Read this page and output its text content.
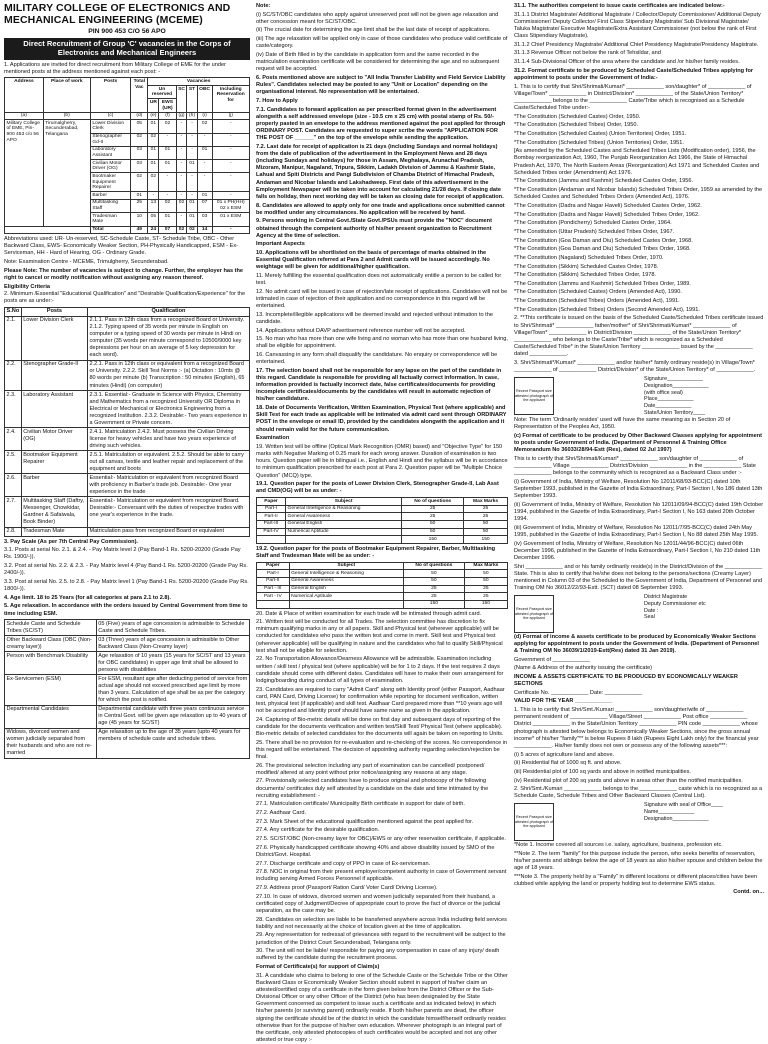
MILITARY COLLEGE OF ELECTRONICS AND MECHANICAL ENGINEERING (MCEME)
PIN 900 453 C/O 56 APO
Direct Recruitment of Group 'C' vacancies in the Corps of Electronics and Mechanical Engineers

1. Applications are invited for direct recruitment from Military College of EME for the under mentioned posts at the address mentioned against each post: -

Address	Place of work	Posts	Total Vac	Vacancies					
				Un reserved		SC	ST	OBC	Including Reservation for
				UR	EWS (UR)				
(a)	(b)	(c)	(d)	(e)	(f)	(g)	(h)	(i)	(j)
Military College of EME, Pin-900 453 c/o 56 APO	Tirumalgherry, Secunderabad, Telangana	Lower Division Clerk	05	01	02	-	-	02	-
		Stenographer Gd-II	02	02	-	-	-	-	-
		Laboratory Assistant	03	01	01	-	-	01	-
		Civilian Motor Driver (OG)	03	01	01	-	01	-	-
		Bootmaker Equipment Repairer	02	02	-	-	-	-	-
		Barber	01	-	-	-	-	01	-
		Multitasking Staff	25	13	02	02	01	07	01 x PH(HH) 02 x ESM
		Tradesman Mate	10	05	01	-	01	03	01 x ESM
		Total	49	24	07	02	02	14	-

Abbreviations used: UR- Un-reserved, SC-Schedule Caste, ST- Schedule Tribe, OBC - Other Backward Class, EWS- Economically Weaker Section, PH-Physically Handicapped, ESM - Ex-Serviceman, HH - Hard of Hearing, OG - Ordinary Grade.

Note: Examination Centre - MCEME, Trimulgherry, Secunderabad.

Please Note: The number of vacancies is subject to change. Further, the employer has the right to cancel or modify notification without assigning any reason thereof.

Eligibility Criteria

2. Minimum /Essential "Educational Qualification" and "Desirable Qualification/Experience" for the posts are as under:-

S.No	Posts	Qualification
2.1.	Lower Division Clerk	2.1.1. Pass in 12th class from a recognized Board or University. 2.1.2. Typing speed of 35 words per minute in English on computer or a typing speed of 30 words per minute in Hindi on computer (35 words per minute correspond to 10500/9000 key depressions per hour on an average of 5 key depression for each word).
2.2.	Stenographer Grade-II	2.2.1. Pass in 12th class or equivalent from a recognized Board or University. 2.2.2. Skill Test Norms :- (a) Dictation : 10mts @ 80 words per minute (b) Transcription : 50 minutes (English), 65 minutes (Hindi) (on computer)
2.3.	Laboratory Assistant	2.3.1. Essential:- Graduate in Science with Physics, Chemistry and Mathematics from a recognized University OR Diploma in Electrical or Mechanical or Electronics Engineering from a recognized Institution. 2.3.2. Desirable:- Two years experience in a Government or Private concern.
2.4.	Civilian Motor Driver (OG)	2.4.1. Matriculation 2.4.2. Must possess the Civilian Driving license for heavy vehicles and have two years experience of driving such vehicles.
2.5.	Bootmaker Equipment Repairer	2.5.1. Matriculation or equivalent. 2.5.2. Should be able to carry out all canvas, textile and leather repair and replacement of the equipment and boots
2.6.	Barber	Essential:- Matriculation or equivalent from recognized Board with proficiency in Barber's trade job. Desirable:- One year experience in the trade
2.7.	Multitasking Staff (Daftry, Messenger, Chowkidar, Gardner & Safaiwala, Book Binder)	Essential:- Matriculation or equivalent from recognized Board. Desirable:- Conversant with the duties of respective trades with one year's experience in the trade.
2.8.	Tradesman Mate	Matriculation pass from recognized Board or equivalent

3. Pay Scale (As per 7th Central Pay Commission).

3.1. Posts at serial No. 2.1. & 2.4. - Pay Matrix level 2 (Pay Band-1 Rs. 5200-20200 (Grade Pay Rs. 1900/-)).

3.2. Post at serial No. 2.2. & 2.3. - Pay Matrix level 4 (Pay Band-1 Rs. 5200-20200 (Grade Pay Rs. 2400/-)).

3.3. Post at serial No. 2.5. to 2.8. - Pay Matrix level 1 (Pay Band-1 Rs. 5200-20200 (Grade Pay Rs. 1800/-)).

4. Age limit. 18 to 25 Years (for all categories at para 2.1 to 2.8).

5. Age relaxation. In accordance with the orders issued by Central Government from time to time including ESM.

Schedule Caste and Schedule Tribes (SC/ST)	05 (Five) years of age concession is admissible to Schedule Caste and Schedule Tribes.
Other Backward Class (OBC (Non-creamy layer))	03 (Three) years of age concession is admissible to Other Backward Class (Non-Creamy layer)
Person with Benchmark Disability	Age relaxation of 10 years (15 years for SC/ST and 13 years for OBC candidates) in upper age limit shall be allowed to persons with disabilities
Ex-Servicemen (ESM)	For ESM, resultant age after deducting period of service from actual age should not exceed prescribed age limit by more than 3 years. Calculation of age shall be as per the category for which the post is notified.
Departmental Candidates	Departmental candidate with three years continuous service in Central Govt. will be given age relaxation up to 40 years of age (45 years for SC/ST)
Widows, divorced women and women judicially separated from their husbands and who are not re-married	Age relaxation up to the age of 35 years (upto 40 years for members of schedule caste and schedule tribes.

Note:

(i) SC/ST/OBC candidates who apply against unreserved post will not be given age relaxation and other concession meant for SC/ST/OBC.

(ii) The crucial date for determining the age limit shall be the last date of receipt of applications.

(iii) The age relaxation will be applied only in case of those candidates who produce valid certificate of caste/category.

(iv) Date of Birth filled in by the candidate in application form and the same recorded in the matriculation examination certificate will be considered for determining the age and no subsequent request will be accepted.

6. Posts mentioned above are subject to "All India Transfer Liability and Field Service Liability Rules". Candidates selected may be posted to any "Unit or Location" depending on the organisational interest. No representation will be entertained.

7. How to Apply

7.1. Candidates to forward application as per prescribed format given in the advertisement alongwith a self addressed envelope (size - 10.5 cm x 25 cm) with postal stamp of Rs. 50/- properly pasted in an envelope to the address mentioned against the post applied for through ORDINARY POST. Candidates are requested to super scribe the words "APPLICATION FOR THE POST OF ______" on the top of the envelope while sending the application.

7.2. Last date for receipt of application is 21 days (including Sundays and normal holidays) from the date of publication of the advertisement in the Employment News and 28 days (including Sundays and holidays) for those in Assam, Meghalaya, Arunachal Pradesh, Mizoram, Manipur, Nagaland, Tripura, Sikkim, Ladakh Division of Jammu & Kashmir State, Lahual and Spiti Districts and Pangi Subdivision of Chamba District of Himachal Pradesh, Andaman and Nicobar Islands and Lakshadweep. First date of this advertisement in the Employment Newspaper will be taken into account for calculating 21/28 days. If closing date falls on holiday, then next working day will be taken as closing date for receipt of application.

8. Candidates are allowed to apply only for one trade and applications once submitted cannot be modified under any circumstances. No application will be received by hand.

9. Persons working in Central Govt./State Govt./PSUs must provide the "NOC" document obtained through the competent authority of his/her present organization to Recruitment Agency at the time of selection.

Important Aspects

10. Applications will be shortlisted on the basis of percentage of marks obtained in the Essential Qualification referred at Para 2 and Admit cards will be issued accordingly. No weightage will be given for additional/higher qualification.

11. Merely fulfilling the essential qualification does not automatically entitle a person to be called for test.

12. No admit card will be issued in case of rejection/late receipt of applications. Candidates will not be intimated in case of rejection of their application and no correspondence in this regard will be entertained.

13. Incomplete/illegible applications will be deemed invalid and rejected without intimation to the candidate.

14. Applications without DAVP advertisement reference number will not be accepted.

15. No man who has more than one wife living and no woman who has more than one husband living, shall be eligible for appointment.

16. Canvassing in any form shall disqualify the candidature. No enquiry or correspondence will be entertained.

17. The selection board shall not be responsible for any lapse on the part of the candidate in this regard. Candidate is responsible for providing all factually correct information. In case, information provided is factually incorrect date, false certificates/documents for providing incomplete certificates/documents by the candidates will result in automatic rejection of his/her candidature.

18. Date of Documents Verification, Written Examination, Physical Test (where applicable) and Skill Test for each trade as applicable will be intimated via admit card sent through ORDINARY POST in the envelope or email ID, provided by the candidates alongwith the application and it should remain valid for the future communication.

Examination

19. Written test will be offline (Optical Mark Recognition (OMR) based) and "Objective Type" for 150 marks with Negative Marking of 0.25 mark for each wrong answer. Duration of examination is two hours. Question paper will be in bilingual i.e., English and Hindi and the syllabus will be in accordance to minimum qualification prescribed for each post at Para 2. Question paper will be "Multiple Choice Question" (MCQ) type.

19.1. Question paper for the posts of Lower Division Clerk, Stenographer Grade-II, Lab Asst and CMD(OG) will be as under: -

Paper	Subject	No of questions	Max Marks
Part-I	General Intelligence & Reasoning	25	25
Part-II	General Awareness	25	25
Part-III	General English	50	50
Part-IV	Numerical Aptitude	50	50
		150	150

19.2. Question paper for the posts of Bootmaker Equipment Repairer, Barber, Multitasking Staff and Tradesman Mate will be as under: -

Paper	Subject	No of questions	Max Marks
Part-I	General Intelligence & Reasoning	50	50
Part-II	General Awareness	50	50
Part - III	General English	25	25
Part - IV	Numerical Aptitude	25	25
		150	150

20. Date & Place of written examination for each trade will be intimated through admit card.

21. Written test will be conducted for all Trades. The selection committee has discretion to fix minimum qualifying marks in any or all papers. Skill and Physical test (wherever applicable) will be conducted for candidates who pass the written test and come in merit. Skill test and Physical test (wherever applicable) will be qualifying in nature and the candidates who fail to qualify Skill/Physical test shall not be eligible for selection.

22. No Transportation Allowance/Dearness Allowance will be admissible. Examination including written / skill test / physical test (where applicable) will be for 1 to 2 days. If the test requires 2 days candidate should come with different dates. Candidates will have to make their own arrangement for lodging/boarding during conduct of all types of examination.

23. Candidates are required to carry "Admit Card" along with Identity proof (either Passport, Aadhaar card, PAN Card, Driving License) for confirmation while reporting for document verification, written test, physical test (if applicable) and skill test. Aadhaar Card prepared more than **10 years ago will not be accepted and Identity proof should have same name as given in the application.

24. Capturing of Bio-metric details will be done on first day and subsequent days of reporting of the candidate for the documents verification and written test/Skill Test/ Physical Test (where applicable). Bio-metric details of selected candidates for the documents will again be taken on reporting to Units.

25. There shall be no provision for re-evaluation and re-checking of the scores. No correspondence in this regard will be entertained. The decision of appointing authority regarding selection/rejection be final.

26. The provisional selection including any part of examination can be cancelled/ postponed/ modified/ altered at any point without prior notice/assigning any reasons at any stage.

27. Provisionally selected candidates have to produce original and photocopy of the following documents/ certificates duly self attested by a candidate on the date and time intimated by the recruiting establishment: -

27.1. Matriculation certificate/ Municipality Birth certificate in support for date of birth.

27.2. Aadhaar Card.

27.3. Mark Sheet of the educational qualification mentioned against the post applied for.

27.4. Any certificate for the desirable qualification.

27.5. SC/ST/OBC (Non-creamy layer for OBC)/EWS or any other reservation certificate, if applicable.

27.6. Physically handicapped certificate showing 40% and above disability issued by SMO of the District/Govt. Hospital.

27.7. Discharge certificate and copy of PPO in case of Ex-serviceman.

27.8. NOC in original from their present employer/competent authority in case of Government servant including serving Armed Forces Personnel if applicable.

27.9. Address proof (Passport/ Ration Card/ Voter Card/ Driving License).

27.10. In case of widows, divorced women and women judicially separated from their husband, a certificated copy of Judgment/Decree of appropriate court to prove the fact of divorce or the judicial separation, as the case may be.

28. Candidates on selection are liable to be transferred anywhere across India including field services liability and not necessarily at the choice of location given at the time of application.

29. Any representation for redressal of grievances with regard to the recruitment will be subject to the jurisdiction of the District Court Secunderabad, Telangana only.

30. The unit will not be liable/ responsible for paying any compensation in case of any injury/ death suffered by the candidate during the recruitment process.

Format of Certificate(s) for support of Claim(s)

31. A candidate who claims to belong to one of the Schedule Caste or the Schedule Tribe or the Other Backward Class or Economically Weaker Section should submit in support of his/her claim an attested/certified copy of a certificate in the form given below from the District Officer or the Sub-Divisional Officer or any other Officer of the District (who has been designated by the State Government concerned as competent to issue such a certificate and as indicated below) in which his/her parents (or surviving parent) ordinarily reside. If both his/her parents are dead, the officer signing the certificate should be of the district in which the candidate himself/herself ordinarily resides otherwise than for the purpose of his/her own education. Wherever photograph is an integral part of the certificate, only attested photocopies of such certificates would be accepted and not any other attested or true copy :-

31.1. The authorities competent to issue caste certificates are indicated below:-

31.1.1 District Magistrate/ Additional Magistrate / Collector/Deputy Commissioner/ Additional Deputy Commissioner/ Deputy Collector/ First Class Stipendiary Magistrate/ Sub Divisional Magistrate/ Taluka Magistrate/ Executive Magistrate/Extra Assistant Commissioner (not below the rank of First Class Stipendiary Magistrate).

31.1.2 Chief Presidency Magistrate/ Additional Chief Presidency Magistrate/Presidency Magistrate.

31.1.3 Revenue Officer not below the rank of Tehsildar, and

31.1.4 Sub-Divisional Officer of the area where the candidate and /or his/her family resides.

31.2. Format certificate to be produced by Scheduled Caste/Scheduled Tribes applying for appointment to posts under the Government of India:-

1. This is to certify that Shri/Shrimati/Kumari* ____________ son/daughter* of ____________ of Village/Town* ____________ in District/Division* ____________ of the State/Union Territory* ____________ belongs to the ____________ Caste/Tribe which is recognised as a Schedule Caste/Scheduled Tribe under:-

*The Constitution (Scheduled Castes) Order, 1950.

*The Constitution (Scheduled Tribes) Order, 1950.

*The Constitution (Scheduled Castes) (Union Territories) Order, 1951.

*The Constitution (Scheduled Tribes) (Union Territories) Order, 1951.

[As amended by the Scheduled Castes and Scheduled Tribes Lists (Modification order), 1956, the Bombay reorganization Act, 1960, The Punjab Reorganization Act 1966, the State of Himachal Pradesh Act, 1970, The North Eastern Areas (Reorganization) Act 1971 and Scheduled Castes and Scheduled Tribes order (Amendment) Act 1976.

*The Constitution (Jammu and Kashmir) Scheduled Castes Order, 1956.

*The Constitution (Andaman and Nicobar Islands) Scheduled Tribes Order, 1959 as amended by the Scheduled Castes and Scheduled Tribes Orders (Amended Act), 1976.

*The Constitution (Dadra and Nagar Haveli) Scheduled Castes Order, 1962.

*The Constitution (Dadra and Nagar Haveli) Scheduled Tribes Order, 1962.

*The Constitution (Pondicherry) Scheduled Castes Order, 1964.

*The Constitution (Uttar Pradesh) Scheduled Tribes Order, 1967.

*The Constitution (Goa Daman and Diu) Scheduled Castes Order, 1968.

*The Constitution (Goa Daman and Diu) Scheduled Tribes Order, 1968.

*The Constitution (Nagaland) Scheduled Tribes Order, 1970.

*The Constitution (Sikkim) Scheduled Castes Order, 1978.

*The Constitution (Sikkim) Scheduled Tribes Order, 1978.

*The Constitution (Jammu and Kashmir) Scheduled Tribes Order, 1989.

*The Constitution (Scheduled Castes) Orders (Amended Act), 1990.

*The Constitution (Scheduled Tribes) Orders (Amended Act), 1991.

*The Constitution (Scheduled Tribes) Orders (Second Amended Act), 1991.

2. **This certificate is issued on the basis of the Scheduled Caste/Scheduled Tribes certificate issued to Shri/Shrimati* ____________ father/mother* of Shri/Shrimati/Kumari* ____________ of Village/Town* ____________ in District/Division ____________ of the State/Union Territory* ____________ who belongs to the Caste/Tribe* which is recognized as a Scheduled Caste/Scheduled Tribe* in the State/Union Territory ____________ issued by the ____________ dated ____________.

3. Shri/Shrimati*/Kumari* ____________ and/or his/her* family ordinary reside(s) in Village/Town* ____________ of ____________ District/Division* of the State/Union Territory* of ____________.

Recent Passport size attested photograph of the applicant
Signature____________
Designation____________
(with office seal)
Place____________
Date____________
State/Union Territory____

Note: The term 'Ordinarily resides' used will have the same meaning as in Section 20 of Representation of the Peoples Act, 1950.

(c) Format of certificate to be produced by Other Backward Classes applying for appointment to posts under Government of India. (Department of Personnel & Training Office Memorandum No 36033/28/94-Estt (Res), dated 02 Jul 1997)

This is to certify that Shri/Shrimati/Kumari* ____________ son/daughter of ____________ of ____________ Village ____________ District/Division ____________ in the ____________ State ____________ belongs to the community which is recognized as a Backward Class under :-

(i) Government of India, Ministry of Welfare, Resolution No 12011/68/93-BCC(C) dated 10th September 1993, published in the Gazette of India Extraordinary, Part-I Section I, No 186 dated 13th September 1993.

(ii) Government of India, Ministry of Welfare, Resolution No 12011/09/94-BCC(C) dated 19th October 1994, published in the Gazette of India Extraordinary, Part-I Section I, No 163 dated 20th October 1994.

(iii) Government of India, Ministry of Welfare, Resolution No 12011/7/95-BCC(C) dated 24th May 1995, published in the Gazette of India Extraordinary, Part-I Section I, No 88 dated 25th May 1995.

(iv) Government of India, Ministry of Welfare, Resolution No 12011/44/96-BCC(C) dated 06th December 1996, published in the Gazette of India Extraordinary, Part-I Section I, No 210 dated 11th December 1996.

Shri ____________ and or his family ordinarily reside(s) in the District/Division of the ____________ State. This is also to certify that he/she does not belong to the persons/sections (Creamy Layer) mentioned in Column 03 of the Scheduled to the Government of India, Department of Personnel and Training OM No 36012/22/93-Estt. (SCT) dated 08 September 1993.

Recent Passport size attested photograph of the applicant
District Magistrate
Deputy Commissioner etc
Date :
Seal

(d) Format of income & assets certificate to be produced by Economically Weaker Sections applying for appointment to posts under the Government of India. (Department of Personnel & Training OM No 36039/1/2019-Estt(Res) dated 31 Jan 2019).

Government of ____________

(Name & Address of the authority issuing the certificate)

INCOME & ASSETS CERTIFICATE TO BE PRODUCED BY ECONOMICALLY WEAKER SECTIONS

Certificate No. ____________ Date: ____________

VALID FOR THE YEAR ____________

1. This is to certify that Shri/Smt./Kumari ____________ son/daughter/wife of ____________ permanent resident of ____________ Village/Street ____________ Post office ____________ District ____________ in the State/Union Territory ____________ PIN code ____________ whose photograph is attested below belongs to Economically Weaker Sections, since the gross annual income* of his/her "family"** is below Rupees 8 lakh (Rupees Eight Lakh only) for the financial year ____________. His/her family does not own or possess any of the following assets***:

(i) 5 acres of agriculture land and above.

(ii) Residential flat of 1000 sq ft. and above.

(iii) Residential plot of 100 sq yards and above in notified municipalities.

(iv) Residential plot of 200 sq yards and above in areas other than the notified municipalities.

2. Shri/Smt./Kumari ____________ belongs to the ____________ caste which is no recognized as a Schedule Caste, Schedule Tribes and Other Backward Classes (Central List).

Recent Passport size attested photograph of the applicant
Signature with seal of Office____
Name____________
Designation____________

*Note 1. Income covered all sources i.e. salary, agriculture, business, profession etc.

**Note 2. The term "family" for this purpose include the person, who seeks benefits of reservation, his/her parents and siblings below the age of 18 years as also his/her spouse and children below the age of 18 years.

***Note 3. The property held by a "Family" in different locations or different places/cities have been clubbed while applying the land or property holding test to determine EWS status.

Contd. on...
